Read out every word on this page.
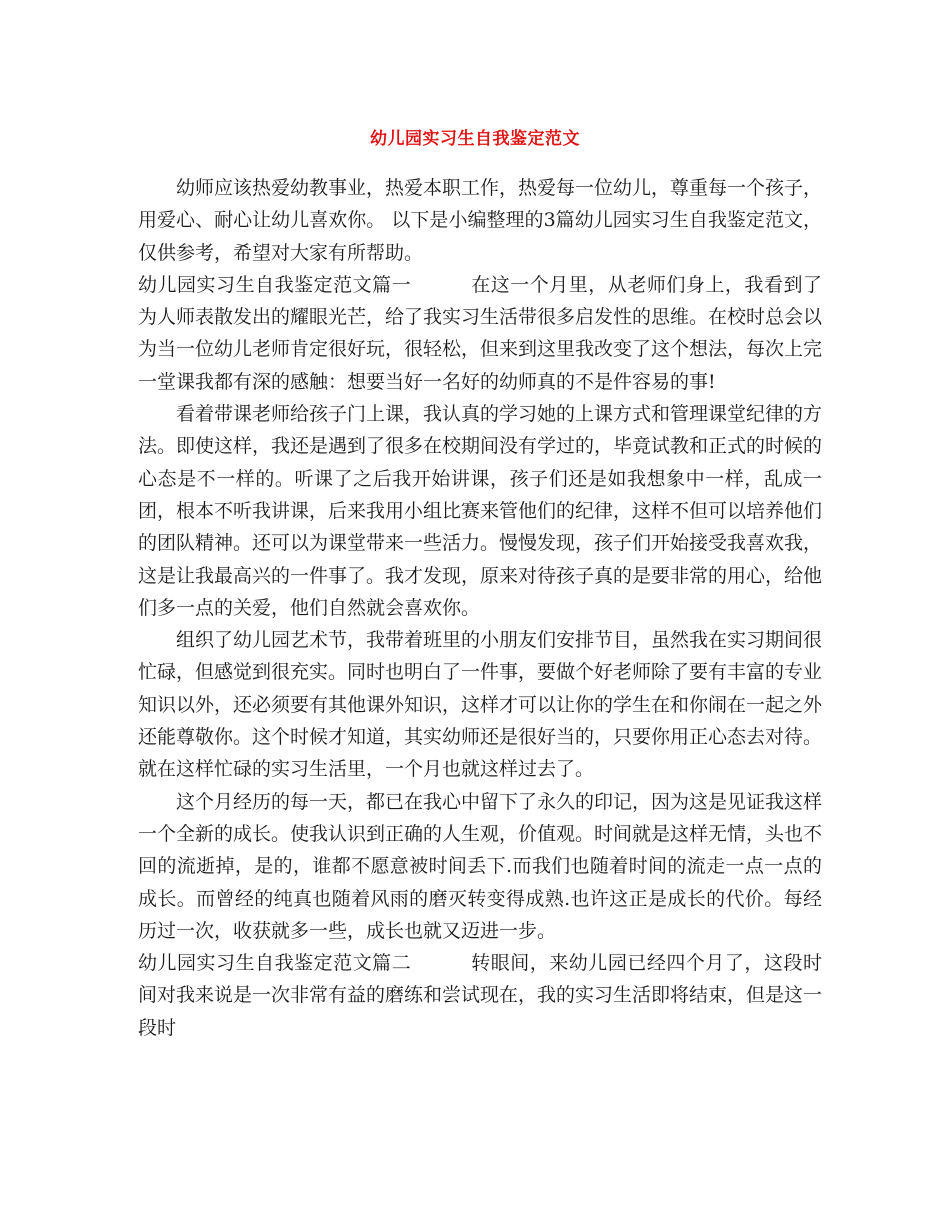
幼儿园实习生自我鉴定范文

幼师应该热爱幼教事业，热爱本职工作，热爱每一位幼儿，尊重每一个孩子，用爱心、耐心让幼儿喜欢你。 以下是小编整理的3篇幼儿园实习生自我鉴定范文，仅供参考，希望对大家有所帮助。

幼儿园实习生自我鉴定范文篇一	在这一个月里，从老师们身上，我看到了为人师表散发出的耀眼光芒，给了我实习生活带很多启发性的思维。在校时总会以为当一位幼儿老师肯定很好玩，很轻松，但来到这里我改变了这个想法，每次上完一堂课我都有深的感触：想要当好一名好的幼师真的不是件容易的事!

看着带课老师给孩子门上课，我认真的学习她的上课方式和管理课堂纪律的方法。即使这样，我还是遇到了很多在校期间没有学过的，毕竟试教和正式的时候的心态是不一样的。听课了之后我开始讲课，孩子们还是如我想象中一样，乱成一团，根本不听我讲课，后来我用小组比赛来管他们的纪律，这样不但可以培养他们的团队精神。还可以为课堂带来一些活力。慢慢发现，孩子们开始接受我喜欢我，这是让我最高兴的一件事了。我才发现，原来对待孩子真的是要非常的用心，给他们多一点的关爱，他们自然就会喜欢你。

组织了幼儿园艺术节，我带着班里的小朋友们安排节目，虽然我在实习期间很忙碌，但感觉到很充实。同时也明白了一件事，要做个好老师除了要有丰富的专业知识以外，还必须要有其他课外知识，这样才可以让你的学生在和你闹在一起之外还能尊敬你。这个时候才知道，其实幼师还是很好当的，只要你用正心态去对待。

就在这样忙碌的实习生活里，一个月也就这样过去了。

这个月经历的每一天，都已在我心中留下了永久的印记，因为这是见证我这样一个全新的成长。使我认识到正确的人生观，价值观。时间就是这样无情，头也不回的流逝掉，是的，谁都不愿意被时间丢下.而我们也随着时间的流走一点一点的成长。而曾经的纯真也随着风雨的磨灭转变得成熟.也许这正是成长的代价。每经历过一次，收获就多一些，成长也就又迈进一步。

幼儿园实习生自我鉴定范文篇二	转眼间，来幼儿园已经四个月了，这段时间对我来说是一次非常有益的磨练和尝试现在，我的实习生活即将结束，但是这一段时
